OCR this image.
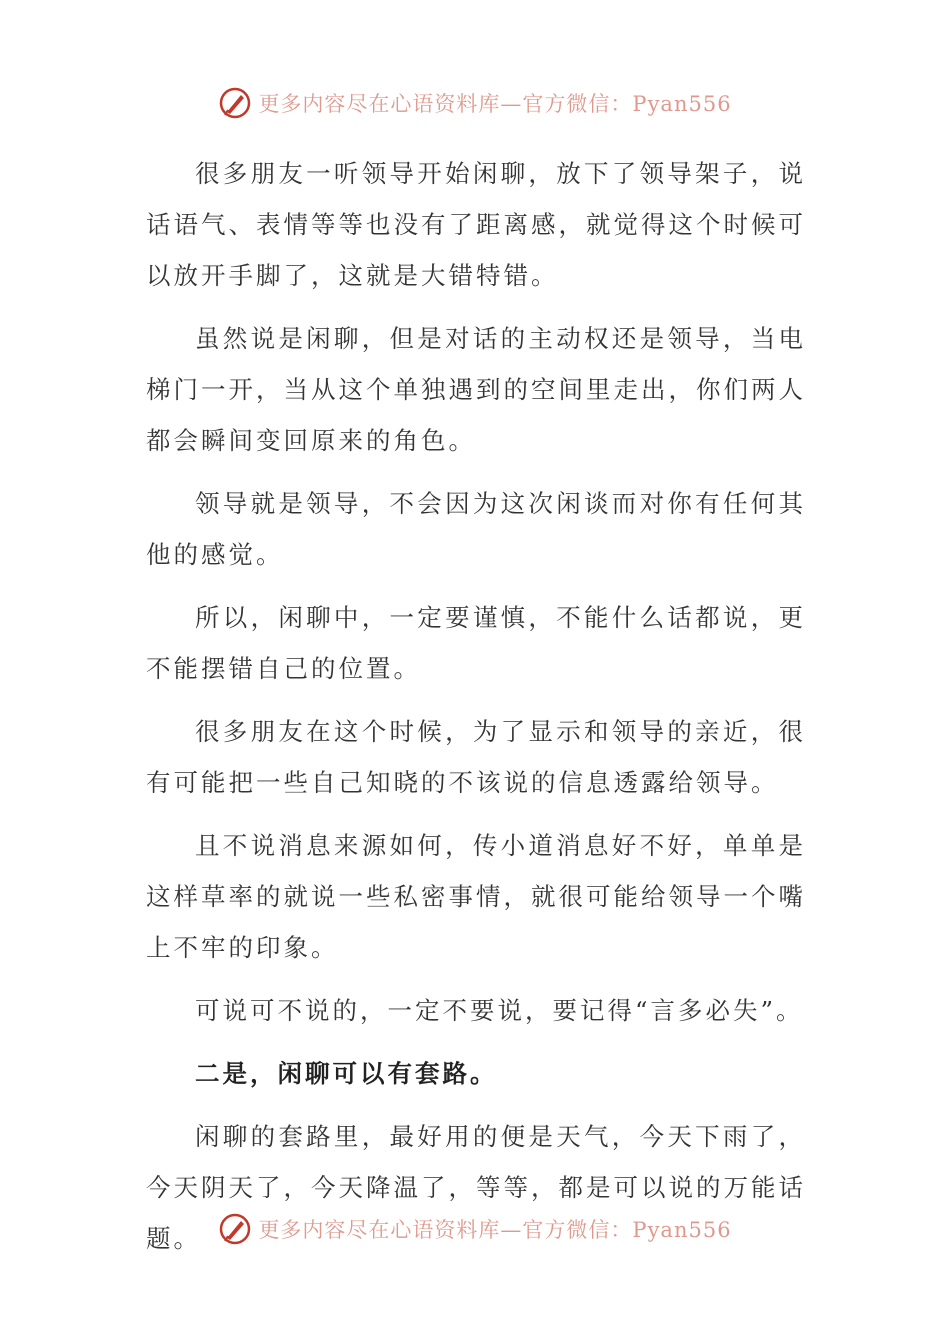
更多内容尽在心语资料库—官方微信：Pyan556

很多朋友一听领导开始闲聊，放下了领导架子，说话语气、表情等等也没有了距离感，就觉得这个时候可以放开手脚了，这就是大错特错。

虽然说是闲聊，但是对话的主动权还是领导，当电梯门一开，当从这个单独遇到的空间里走出，你们两人都会瞬间变回原来的角色。

领导就是领导，不会因为这次闲谈而对你有任何其他的感觉。

所以，闲聊中，一定要谨慎，不能什么话都说，更不能摆错自己的位置。

很多朋友在这个时候，为了显示和领导的亲近，很有可能把一些自己知晓的不该说的信息透露给领导。

且不说消息来源如何，传小道消息好不好，单单是这样草率的就说一些私密事情，就很可能给领导一个嘴上不牢的印象。

可说可不说的，一定不要说，要记得“言多必失”。

二是，闲聊可以有套路。

闲聊的套路里，最好用的便是天气，今天下雨了，今天阴天了，今天降温了，等等，都是可以说的万能话题。	更多内容尽在心语资料库—官方微信：Pyan556
